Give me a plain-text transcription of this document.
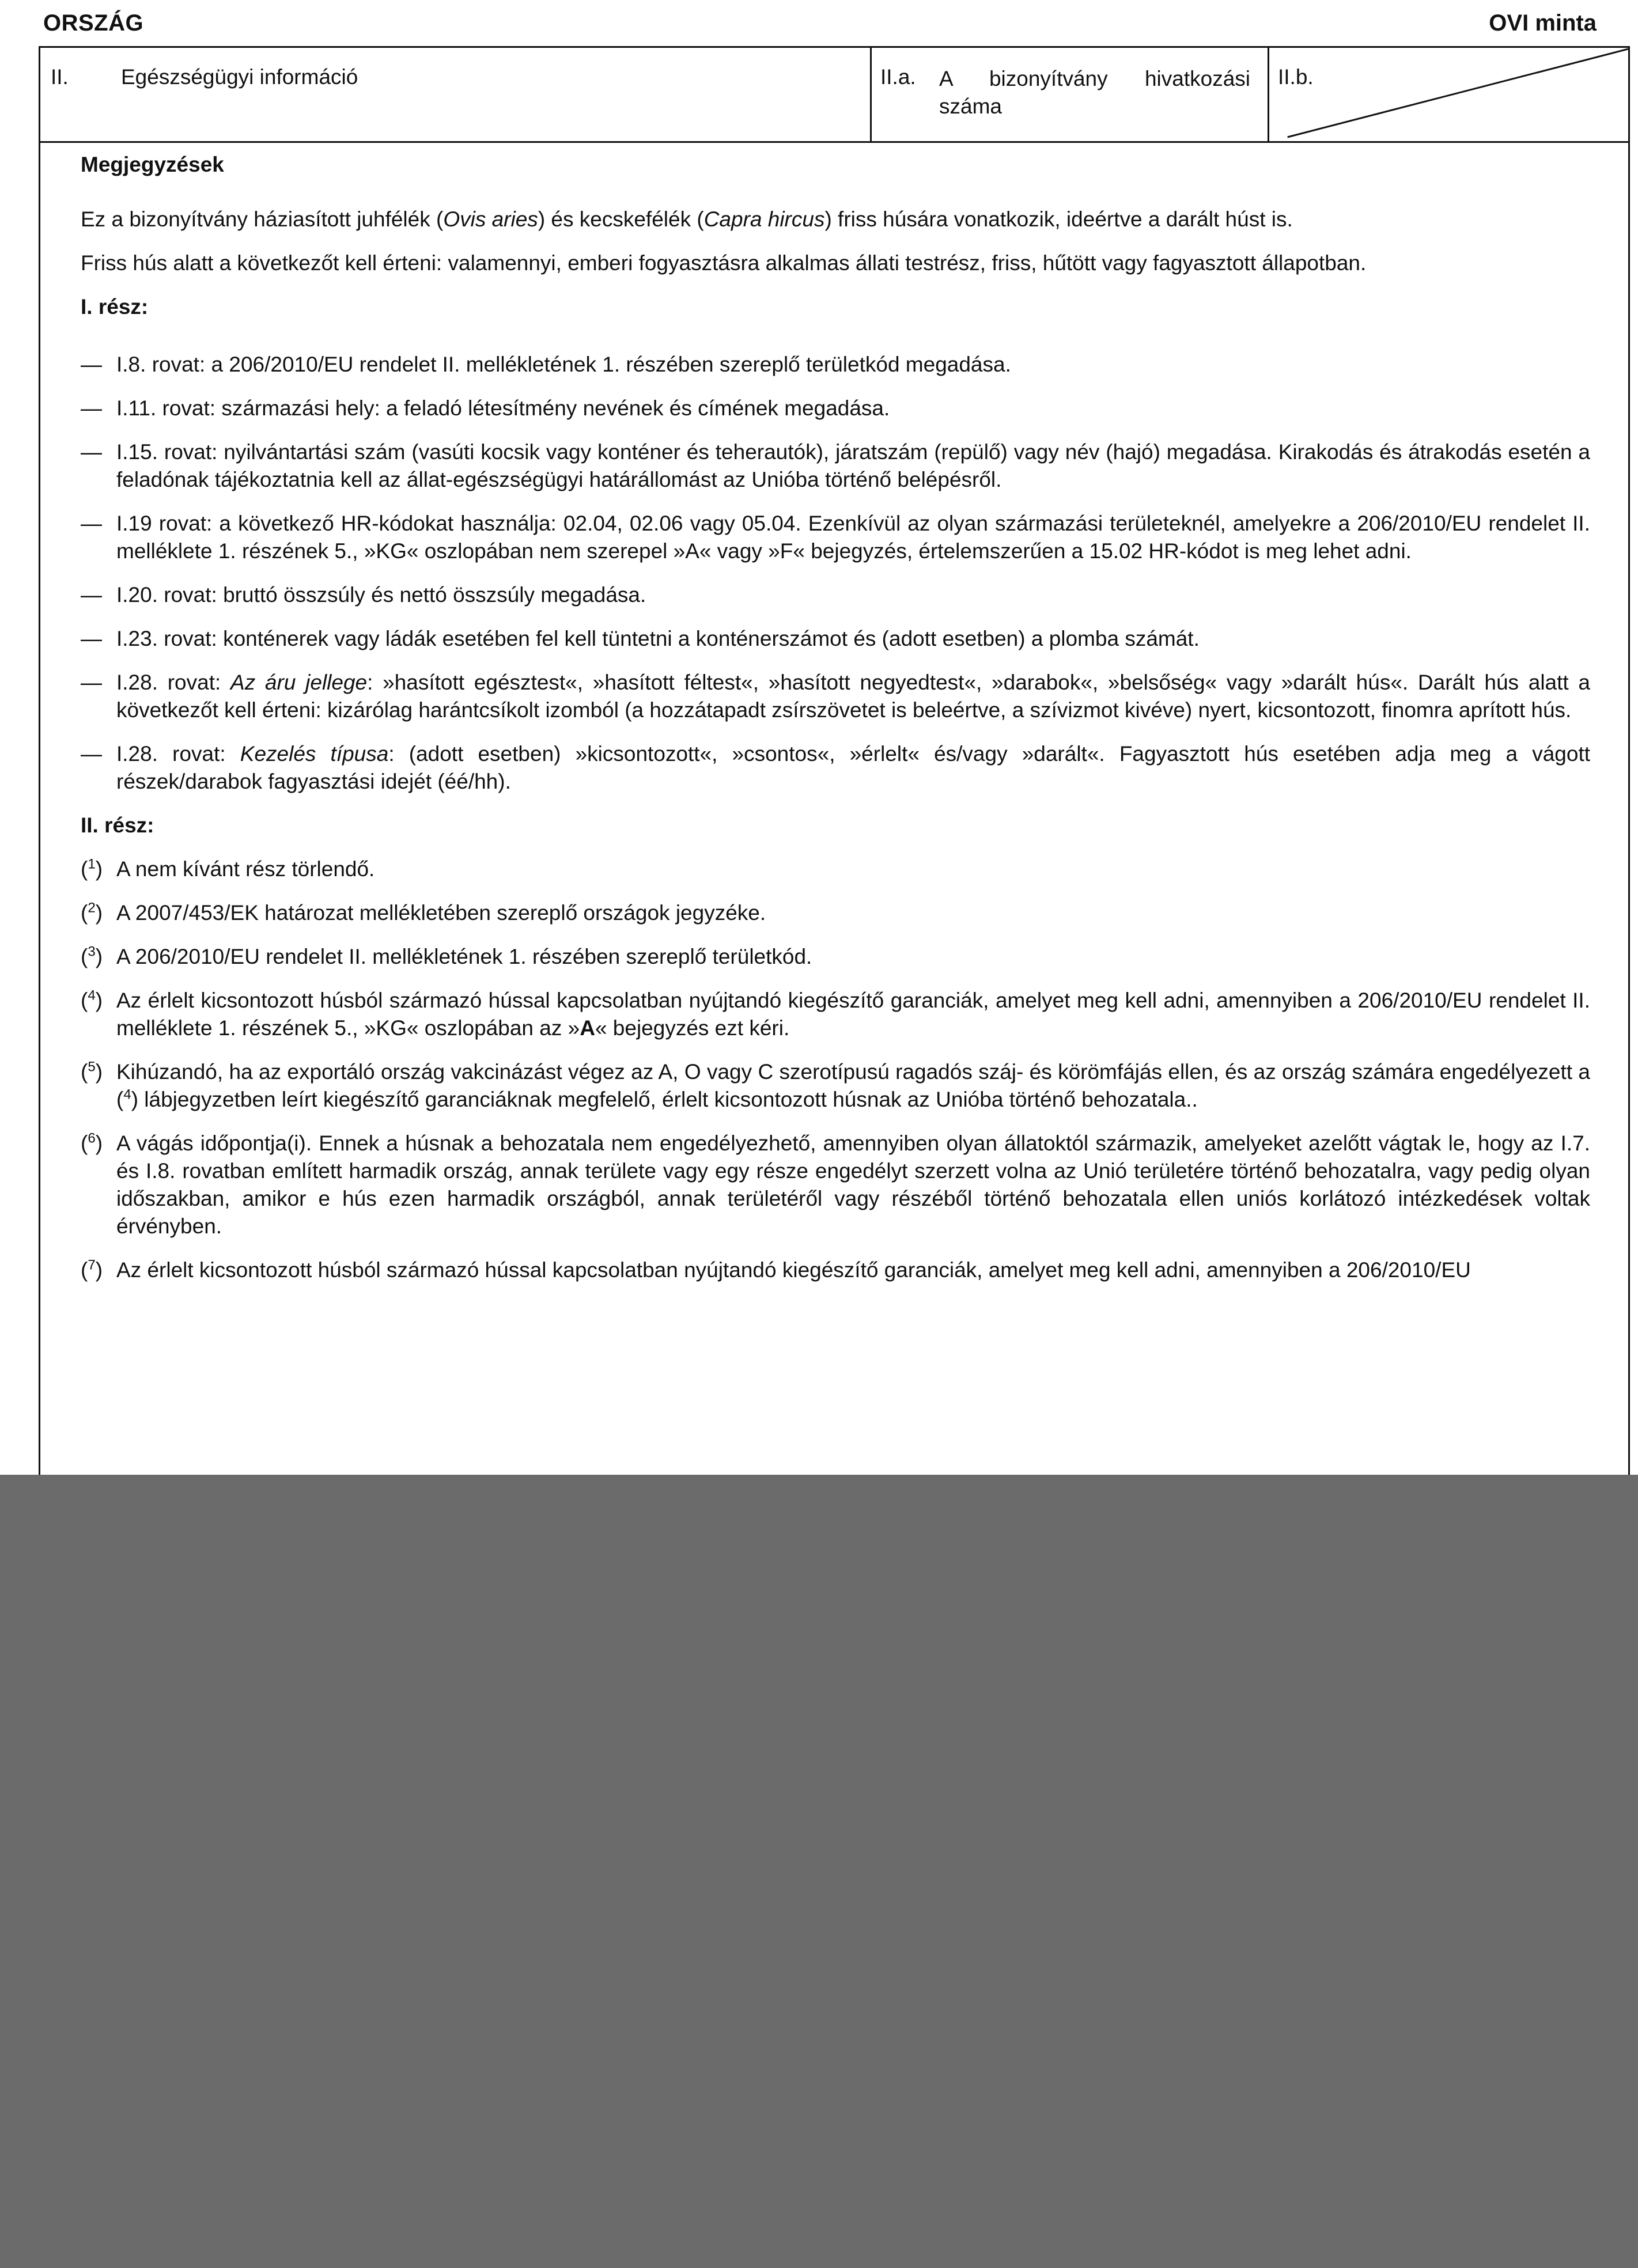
ORSZÁG	OVI minta
II. Egészségügyi információ	II.a. A bizonyítvány hivatkozási
száma
II.b.

Megjegyzések

Ez a bizonyítvány háziasított juhfélék (Ovis aries) és kecskefélék (Capra hircus) friss húsára vonatkozik, ideértve a darált húst is.

Friss hús alatt a következőt kell érteni: valamennyi, emberi fogyasztásra alkalmas állati testrész, friss, hűtött vagy fagyasztott állapotban.

I. rész:

— I.8. rovat: a 206/2010/EU rendelet II. mellékletének 1. részében szereplő területkód megadása.
— I.11. rovat: származási hely: a feladó létesítmény nevének és címének megadása.
— I.15. rovat: nyilvántartási szám (vasúti kocsik vagy konténer és teherautók), járatszám (repülő) vagy név (hajó) megadása. Kirakodás és átrakodás esetén a feladónak tájékoztatnia kell az állat-egészségügyi határállomást az Unióba történő belépésről.
— I.19 rovat: a következő HR-kódokat használja: 02.04, 02.06 vagy 05.04. Ezenkívül az olyan származási területeknél, amelyekre a 206/2010/EU rendelet II. melléklete 1. részének 5., »KG« oszlopában nem szerepel »A« vagy »F« bejegyzés, értelemszerűen a 15.02 HR-kódot is meg lehet adni.
— I.20. rovat: bruttó összsúly és nettó összsúly megadása.
— I.23. rovat: konténerek vagy ládák esetében fel kell tüntetni a konténerszámot és (adott esetben) a plomba számát.
— I.28. rovat: Az áru jellege: »hasított egésztest«, »hasított féltest«, »hasított negyedtest«, »darabok«, »belsőség« vagy »darált hús«. Darált hús alatt a következőt kell érteni: kizárólag harántcsíkolt izomból (a hozzátapadt zsírszövetet is beleértve, a szívizmot kivéve) nyert, kicsontozott, finomra aprított hús.
— I.28. rovat: Kezelés típusa: (adott esetben) »kicsontozott«, »csontos«, »érlelt« és/vagy »darált«. Fagyasztott hús esetében adja meg a vágott részek/darabok fagyasztási idejét (éé/hh).

II. rész:

($^1$) A nem kívánt rész törlendő.
($^2$) A 2007/453/EK határozat mellékletében szereplő országok jegyzéke.
($^3$) A 206/2010/EU rendelet II. mellékletének 1. részében szereplő területkód.
($^4$) Az érlelt kicsontozott húsból származó hússal kapcsolatban nyújtandó kiegészítő garanciák, amelyet meg kell adni, amennyiben a 206/2010/EU rendelet II. melléklete 1. részének 5., »KG« oszlopában az »A« bejegyzés ezt kéri.
($^5$) Kihúzandó, ha az exportáló ország vakcinázást végez az A, O vagy C szerotípusú ragadós száj- és körömfájás ellen, és az ország számára engedélyezett a ($^4$) lábjegyzetben leírt kiegészítő garanciáknak megfelelő, érlelt kicsontozott húsnak az Unióba történő behozatala..
($^6$) A vágás időpontja(i). Ennek a húsnak a behozatala nem engedélyezhető, amennyiben olyan állatoktól származik, amelyeket azelőtt vágtak le, hogy az I.7. és I.8. rovatban említett harmadik ország, annak területe vagy egy része engedélyt szerzett volna az Unió területére történő behozatalra, vagy pedig olyan időszakban, amikor e hús ezen harmadik országból, annak területéről vagy részéből történő behozatala ellen uniós korlátozó intézkedések voltak érvényben.
($^7$) Az érlelt kicsontozott húsból származó hússal kapcsolatban nyújtandó kiegészítő garanciák, amelyet meg kell adni, amennyiben a 206/2010/EU
